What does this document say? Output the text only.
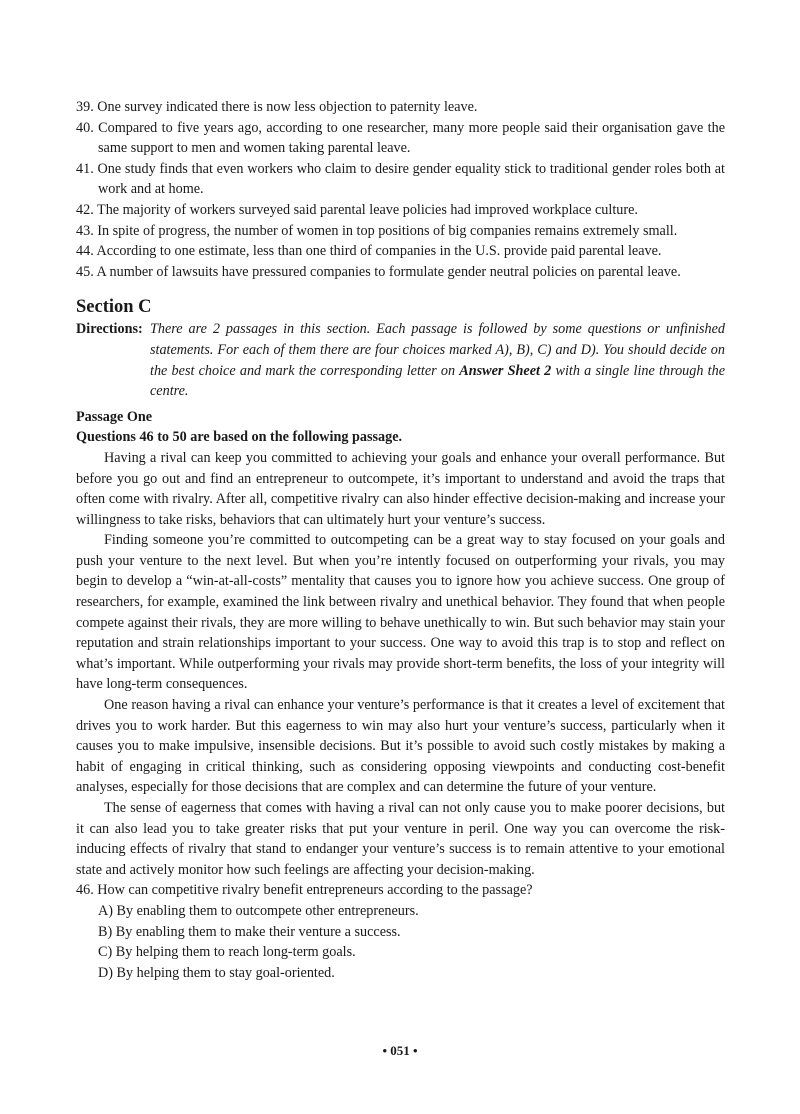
39. One survey indicated there is now less objection to paternity leave.

40. Compared to five years ago, according to one researcher, many more people said their organisation gave the same support to men and women taking parental leave.

41. One study finds that even workers who claim to desire gender equality stick to traditional gender roles both at work and at home.

42. The majority of workers surveyed said parental leave policies had improved workplace culture.

43. In spite of progress, the number of women in top positions of big companies remains extremely small.

44. According to one estimate, less than one third of companies in the U.S. provide paid parental leave.

45. A number of lawsuits have pressured companies to formulate gender neutral policies on parental leave.

Section C
Directions: There are 2 passages in this section. Each passage is followed by some questions or unfinished statements. For each of them there are four choices marked A), B), C) and D). You should decide on the best choice and mark the corresponding letter on Answer Sheet 2 with a single line through the centre.
Passage One
Questions 46 to 50 are based on the following passage.

Having a rival can keep you committed to achieving your goals and enhance your overall performance. But before you go out and find an entrepreneur to outcompete, it’s important to understand and avoid the traps that often come with rivalry. After all, competitive rivalry can also hinder effective decision-making and increase your willingness to take risks, behaviors that can ultimately hurt your venture’s success.

Finding someone you’re committed to outcompeting can be a great way to stay focused on your goals and push your venture to the next level. But when you’re intently focused on outperforming your rivals, you may begin to develop a “win-at-all-costs” mentality that causes you to ignore how you achieve success. One group of researchers, for example, examined the link between rivalry and unethical behavior. They found that when people compete against their rivals, they are more willing to behave unethically to win. But such behavior may stain your reputation and strain relationships important to your success. One way to avoid this trap is to stop and reflect on what’s important. While outperforming your rivals may provide short-term benefits, the loss of your integrity will have long-term consequences.

One reason having a rival can enhance your venture’s performance is that it creates a level of excitement that drives you to work harder. But this eagerness to win may also hurt your venture’s success, particularly when it causes you to make impulsive, insensible decisions. But it’s possible to avoid such costly mistakes by making a habit of engaging in critical thinking, such as considering opposing viewpoints and conducting cost-benefit analyses, especially for those decisions that are complex and can determine the future of your venture.

The sense of eagerness that comes with having a rival can not only cause you to make poorer decisions, but it can also lead you to take greater risks that put your venture in peril. One way you can overcome the risk-inducing effects of rivalry that stand to endanger your venture’s success is to remain attentive to your emotional state and actively monitor how such feelings are affecting your decision-making.

46. How can competitive rivalry benefit entrepreneurs according to the passage?

A) By enabling them to outcompete other entrepreneurs.

B) By enabling them to make their venture a success.

C) By helping them to reach long-term goals.

D) By helping them to stay goal-oriented.

• 051 •
